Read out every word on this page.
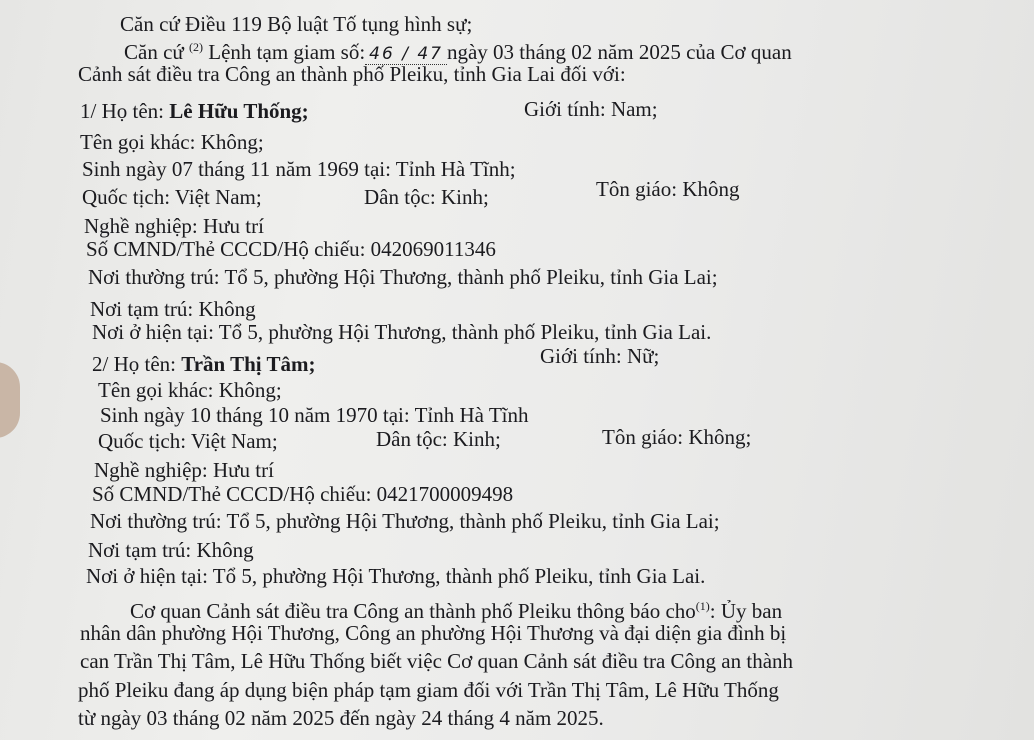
Căn cứ Điều 119 Bộ luật Tố tụng hình sự;
Căn cứ $^{(2)}$ Lệnh tạm giam số: 46 / 47 ngày 03 tháng 02 năm 2025 của Cơ quan
Cảnh sát điều tra Công an thành phố Pleiku, tỉnh Gia Lai đối với:
1/ Họ tên: Lê Hữu Thống;	Giới tính: Nam;
Tên gọi khác: Không;
Sinh ngày 07 tháng 11 năm 1969 tại: Tỉnh Hà Tĩnh;
Quốc tịch: Việt Nam;	Dân tộc: Kinh;	Tôn giáo: Không
Nghề nghiệp: Hưu trí
Số CMND/Thẻ CCCD/Hộ chiếu: 042069011346
Nơi thường trú: Tổ 5, phường Hội Thương, thành phố Pleiku, tỉnh Gia Lai;
Nơi tạm trú: Không
Nơi ở hiện tại: Tổ 5, phường Hội Thương, thành phố Pleiku, tỉnh Gia Lai.
2/ Họ tên: Trần Thị Tâm;	Giới tính: Nữ;
Tên gọi khác: Không;
Sinh ngày 10 tháng 10 năm 1970 tại: Tỉnh Hà Tĩnh
Quốc tịch: Việt Nam;	Dân tộc: Kinh;	Tôn giáo: Không;
Nghề nghiệp: Hưu trí
Số CMND/Thẻ CCCD/Hộ chiếu: 0421700009498
Nơi thường trú: Tổ 5, phường Hội Thương, thành phố Pleiku, tỉnh Gia Lai;
Nơi tạm trú: Không
Nơi ở hiện tại: Tổ 5, phường Hội Thương, thành phố Pleiku, tỉnh Gia Lai.
Cơ quan Cảnh sát điều tra Công an thành phố Pleiku thông báo cho$^{(1)}$: Ủy ban
nhân dân phường Hội Thương, Công an phường Hội Thương và đại diện gia đình bị
can Trần Thị Tâm, Lê Hữu Thống biết việc Cơ quan Cảnh sát điều tra Công an thành
phố Pleiku đang áp dụng biện pháp tạm giam đối với Trần Thị Tâm, Lê Hữu Thống
từ ngày 03 tháng 02 năm 2025 đến ngày 24 tháng 4 năm 2025.
